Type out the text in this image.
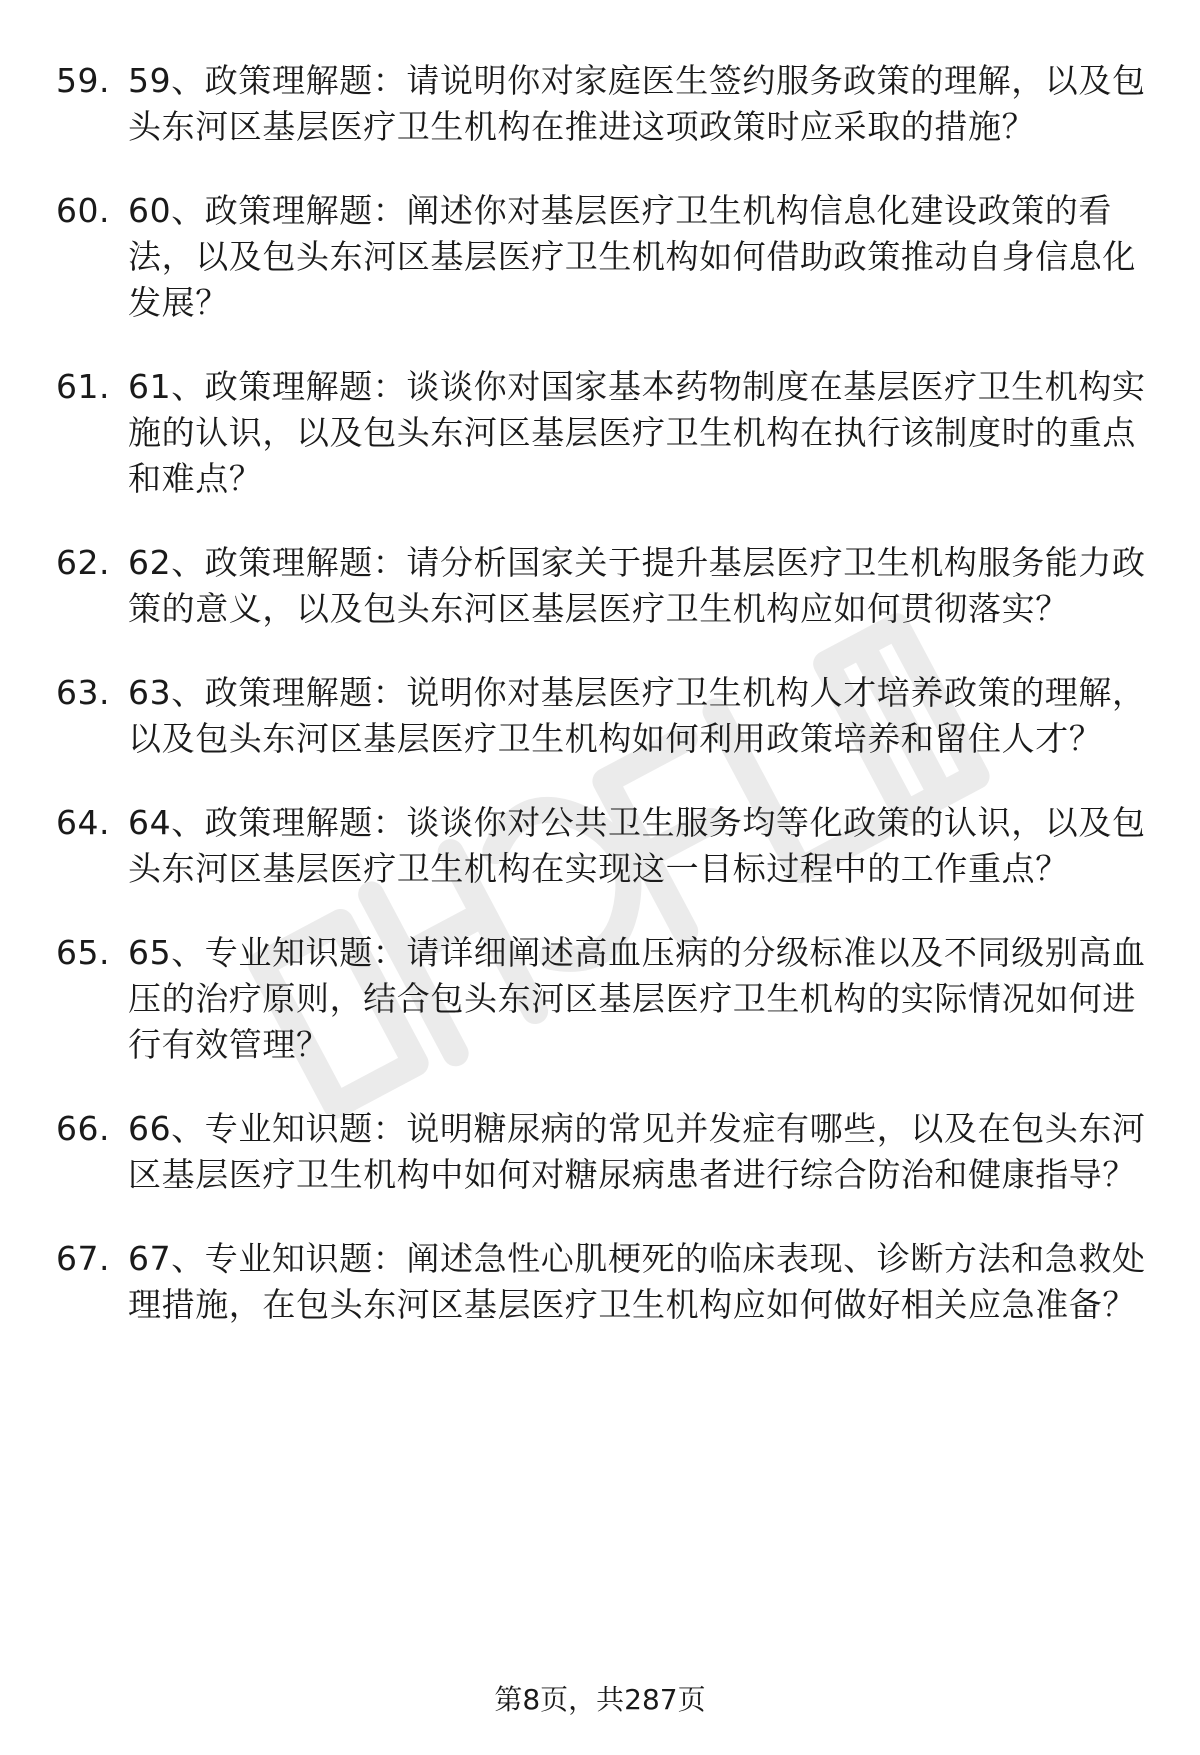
59. 59、政策理解题：请说明你对家庭医生签约服务政策的理解，以及包头东河区基层医疗卫生机构在推进这项政策时应采取的措施？
60. 60、政策理解题：阐述你对基层医疗卫生机构信息化建设政策的看法，以及包头东河区基层医疗卫生机构如何借助政策推动自身信息化发展？
61. 61、政策理解题：谈谈你对国家基本药物制度在基层医疗卫生机构实施的认识，以及包头东河区基层医疗卫生机构在执行该制度时的重点和难点？
62. 62、政策理解题：请分析国家关于提升基层医疗卫生机构服务能力政策的意义，以及包头东河区基层医疗卫生机构应如何贯彻落实？
63. 63、政策理解题：说明你对基层医疗卫生机构人才培养政策的理解，以及包头东河区基层医疗卫生机构如何利用政策培养和留住人才？
64. 64、政策理解题：谈谈你对公共卫生服务均等化政策的认识，以及包头东河区基层医疗卫生机构在实现这一目标过程中的工作重点？
65. 65、专业知识题：请详细阐述高血压病的分级标准以及不同级别高血压的治疗原则，结合包头东河区基层医疗卫生机构的实际情况如何进行有效管理？
66. 66、专业知识题：说明糖尿病的常见并发症有哪些，以及在包头东河区基层医疗卫生机构中如何对糖尿病患者进行综合防治和健康指导？
67. 67、专业知识题：阐述急性心肌梗死的临床表现、诊断方法和急救处理措施，在包头东河区基层医疗卫生机构应如何做好相关应急准备？
第8页，共287页
